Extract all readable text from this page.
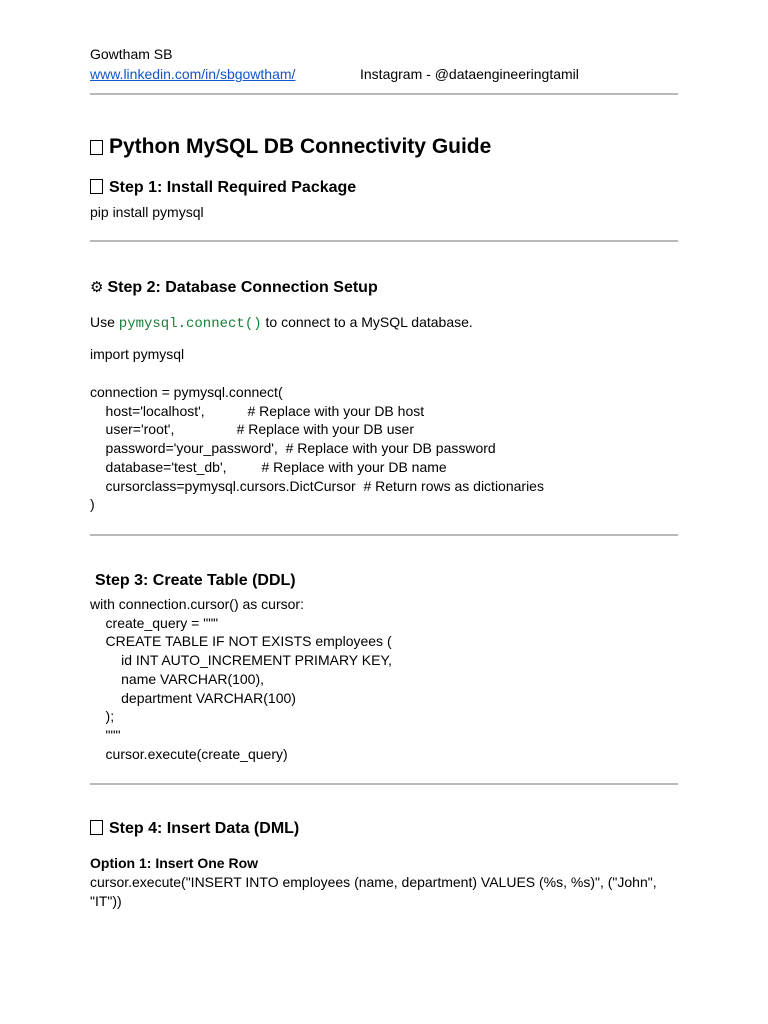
Gowtham SB
www.linkedin.com/in/sbgowtham/	Instagram - @dataengineeringtamil
Python MySQL DB Connectivity Guide
Step 1: Install Required Package
pip install pymysql
⚙ Step 2: Database Connection Setup
Use pymysql.connect() to connect to a MySQL database.
import pymysql
connection = pymysql.connect(
host='localhost',           # Replace with your DB host
user='root',                # Replace with your DB user
password='your_password',  # Replace with your DB password
database='test_db',         # Replace with your DB name
cursorclass=pymysql.cursors.DictCursor  # Return rows as dictionaries
)
Step 3: Create Table (DDL)
with connection.cursor() as cursor:
create_query = """
CREATE TABLE IF NOT EXISTS employees (
id INT AUTO_INCREMENT PRIMARY KEY,
name VARCHAR(100),
department VARCHAR(100)
);
"""
cursor.execute(create_query)
Step 4: Insert Data (DML)
Option 1: Insert One Row
cursor.execute("INSERT INTO employees (name, department) VALUES (%s, %s)", ("John",
"IT"))
